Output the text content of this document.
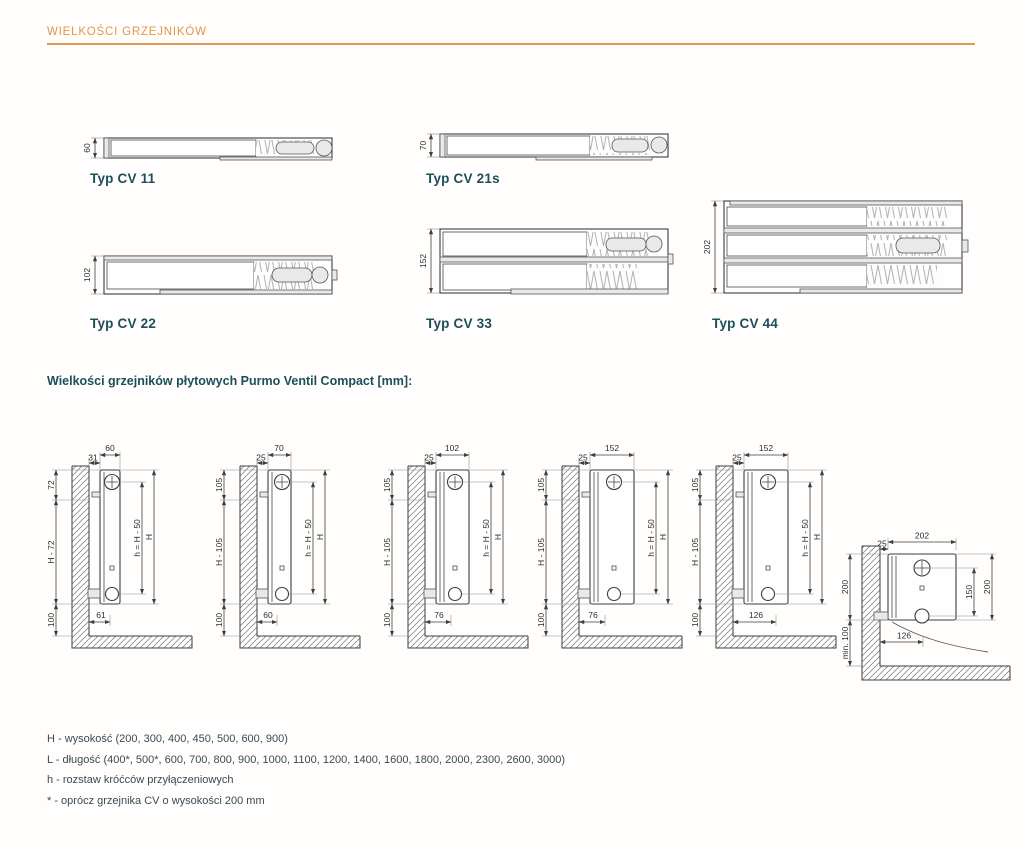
WIELKOŚCI GRZEJNIKÓW
60
Typ CV 11
70
Typ CV 21s
102
Typ CV 22
152
Typ CV 33
202
Typ CV 44
Wielkości grzejników płytowych Purmo Ventil Compact [mm]:
60
31
72
H - 72
100
h = H - 50 H
61
70
25
105
H - 105
100
h = H - 50 H
60
102
25
105
H - 105
100
h = H - 50 H
76
152
25
105
H - 105
100
h = H - 50 H
76
152
25
105
H - 105
100
h = H - 50 H
126
202
25
200
min. 100
150 200
126
H - wysokość (200, 300, 400, 450, 500, 600, 900)
L - długość (400*, 500*, 600, 700, 800, 900, 1000, 1100, 1200, 1400, 1600, 1800, 2000, 2300, 2600, 3000)
h - rozstaw króćców przyłączeniowych
* - oprócz grzejnika CV o wysokości 200 mm
